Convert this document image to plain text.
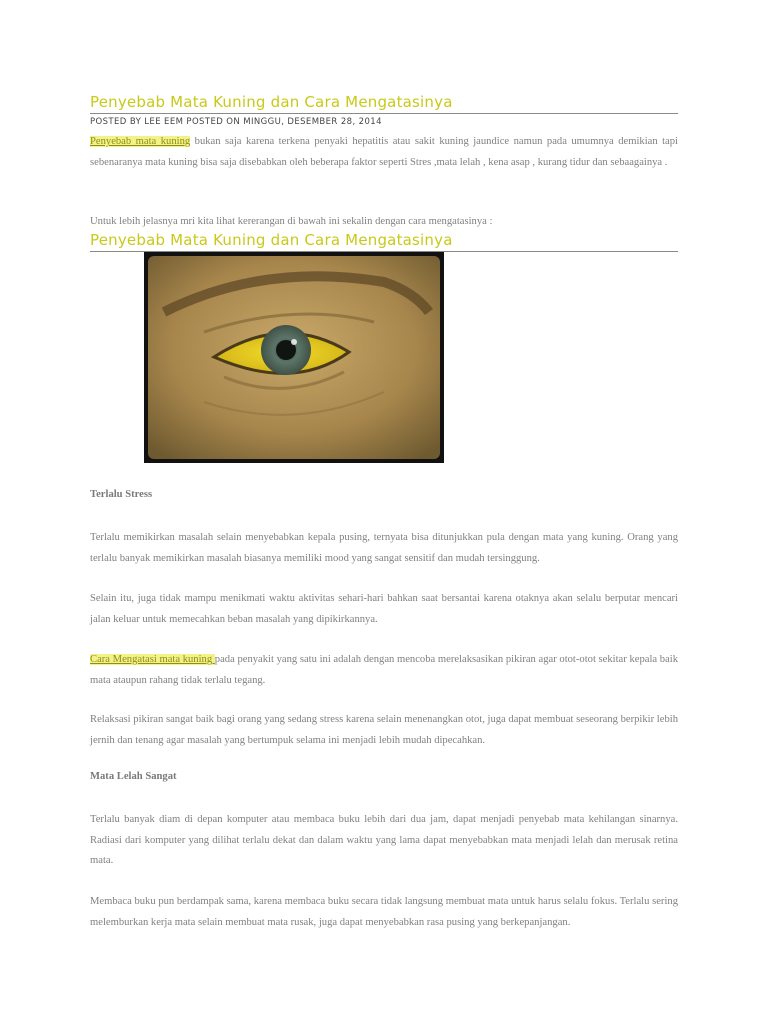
Penyebab Mata Kuning dan Cara Mengatasinya
POSTED BY LEE EEM POSTED ON MINGGU, DESEMBER 28, 2014
Penyebab mata kuning bukan saja karena terkena penyaki hepatitis atau sakit kuning jaundice namun pada umumnya demikian tapi sebenaranya mata kuning bisa saja disebabkan oleh beberapa faktor seperti Stres ,mata lelah , kena asap , kurang tidur dan sebaagainya .
Untuk lebih jelasnya mri kita lihat kererangan di bawah ini sekalin dengan cara mengatasinya :
Penyebab Mata Kuning dan Cara Mengatasinya
Terlalu Stress
Terlalu memikirkan masalah selain menyebabkan kepala pusing, ternyata bisa ditunjukkan pula dengan mata yang kuning. Orang yang terlalu banyak memikirkan masalah biasanya memiliki mood yang sangat sensitif dan mudah tersinggung.
Selain itu, juga tidak mampu menikmati waktu aktivitas sehari-hari bahkan saat bersantai karena otaknya akan selalu berputar mencari jalan keluar untuk memecahkan beban masalah yang dipikirkannya.
Cara Mengatasi mata kuning pada penyakit yang satu ini adalah dengan mencoba merelaksasikan pikiran agar otot-otot sekitar kepala baik mata ataupun rahang tidak terlalu tegang.
Relaksasi pikiran sangat baik bagi orang yang sedang stress karena selain menenangkan otot, juga dapat membuat seseorang berpikir lebih jernih dan tenang agar masalah yang bertumpuk selama ini menjadi lebih mudah dipecahkan.
Mata Lelah Sangat
Terlalu banyak diam di depan komputer atau membaca buku lebih dari dua jam, dapat menjadi penyebab mata kehilangan sinarnya. Radiasi dari komputer yang dilihat terlalu dekat dan dalam waktu yang lama dapat menyebabkan mata menjadi lelah dan merusak retina mata.
Membaca buku pun berdampak sama, karena membaca buku secara tidak langsung membuat mata untuk harus selalu fokus. Terlalu sering melemburkan kerja mata selain membuat mata rusak, juga dapat menyebabkan rasa pusing yang berkepanjangan.
